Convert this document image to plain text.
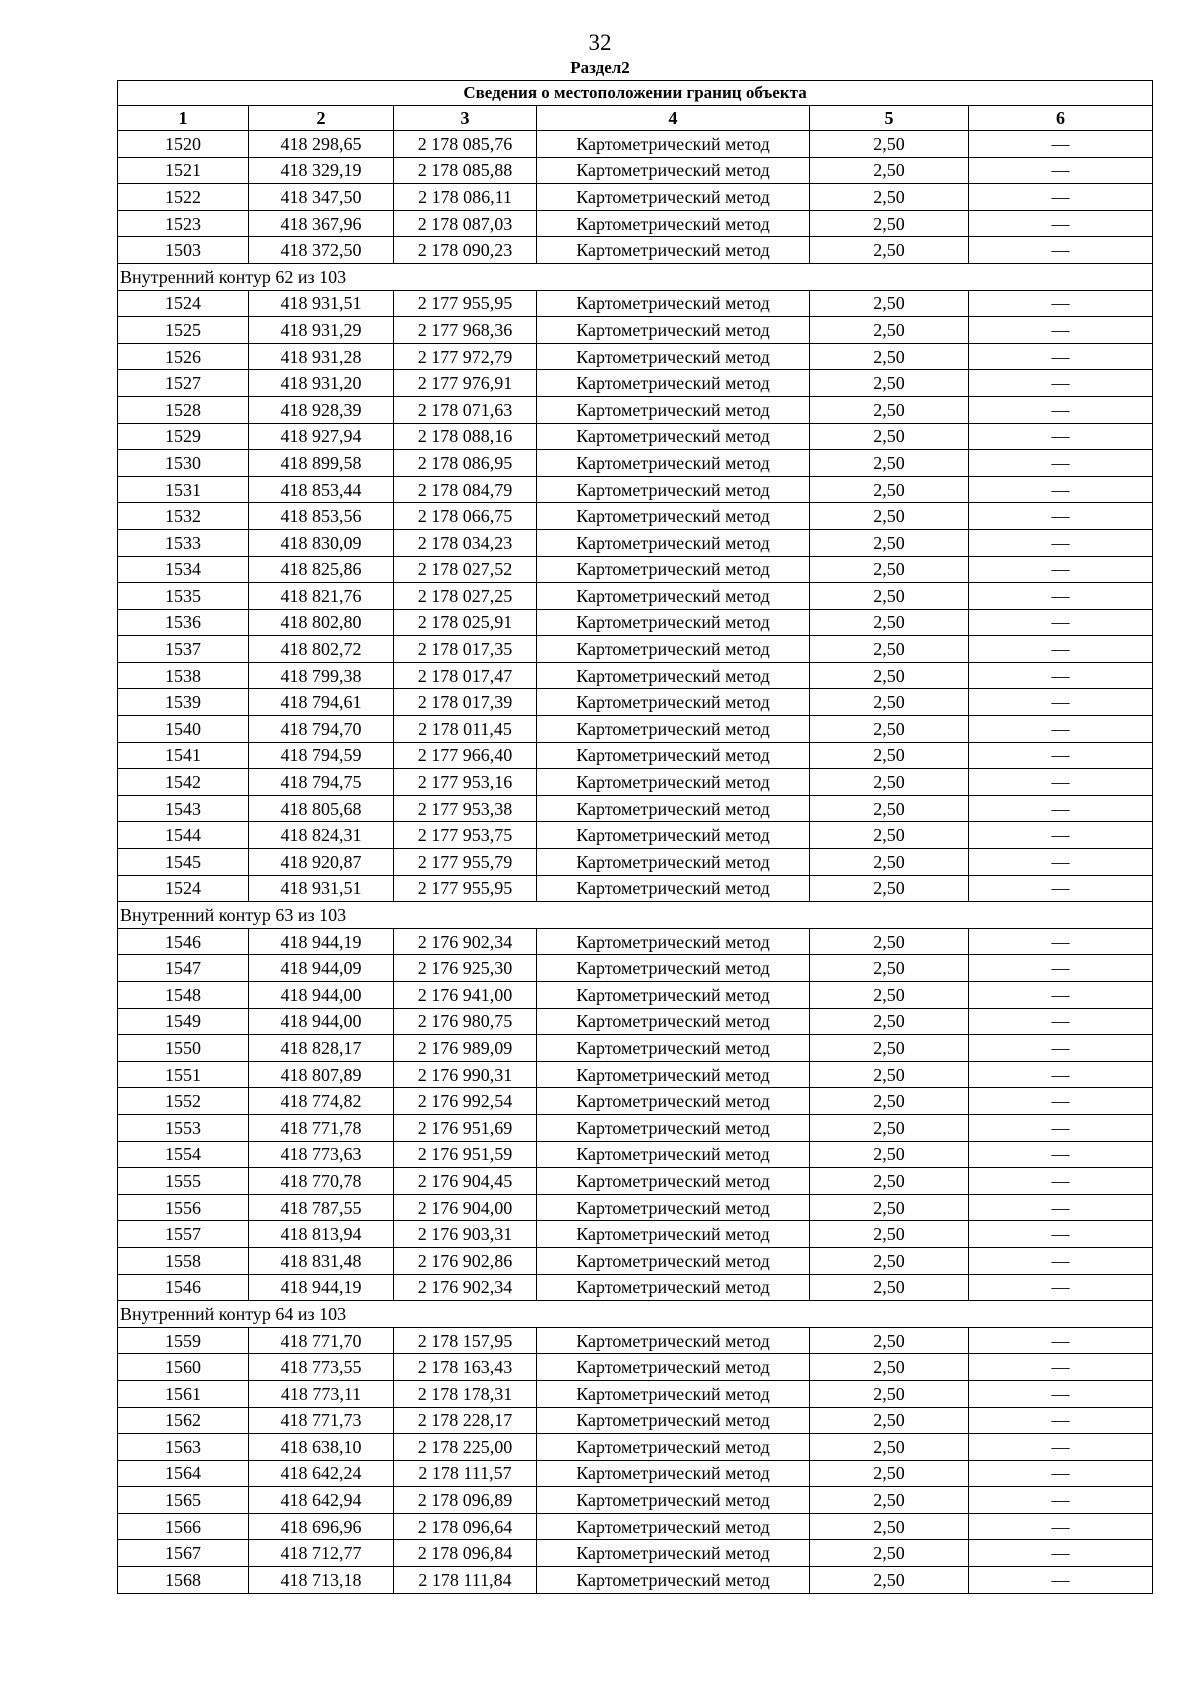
32
Раздел2
Сведения о местоположении границ объекта					
1	2	3	4	5	6
1520	418 298,65	2 178 085,76	Картометрический метод	2,50	—
1521	418 329,19	2 178 085,88	Картометрический метод	2,50	—
1522	418 347,50	2 178 086,11	Картометрический метод	2,50	—
1523	418 367,96	2 178 087,03	Картометрический метод	2,50	—
1503	418 372,50	2 178 090,23	Картометрический метод	2,50	—
Внутренний контур 62 из 103					
1524	418 931,51	2 177 955,95	Картометрический метод	2,50	—
1525	418 931,29	2 177 968,36	Картометрический метод	2,50	—
1526	418 931,28	2 177 972,79	Картометрический метод	2,50	—
1527	418 931,20	2 177 976,91	Картометрический метод	2,50	—
1528	418 928,39	2 178 071,63	Картометрический метод	2,50	—
1529	418 927,94	2 178 088,16	Картометрический метод	2,50	—
1530	418 899,58	2 178 086,95	Картометрический метод	2,50	—
1531	418 853,44	2 178 084,79	Картометрический метод	2,50	—
1532	418 853,56	2 178 066,75	Картометрический метод	2,50	—
1533	418 830,09	2 178 034,23	Картометрический метод	2,50	—
1534	418 825,86	2 178 027,52	Картометрический метод	2,50	—
1535	418 821,76	2 178 027,25	Картометрический метод	2,50	—
1536	418 802,80	2 178 025,91	Картометрический метод	2,50	—
1537	418 802,72	2 178 017,35	Картометрический метод	2,50	—
1538	418 799,38	2 178 017,47	Картометрический метод	2,50	—
1539	418 794,61	2 178 017,39	Картометрический метод	2,50	—
1540	418 794,70	2 178 011,45	Картометрический метод	2,50	—
1541	418 794,59	2 177 966,40	Картометрический метод	2,50	—
1542	418 794,75	2 177 953,16	Картометрический метод	2,50	—
1543	418 805,68	2 177 953,38	Картометрический метод	2,50	—
1544	418 824,31	2 177 953,75	Картометрический метод	2,50	—
1545	418 920,87	2 177 955,79	Картометрический метод	2,50	—
1524	418 931,51	2 177 955,95	Картометрический метод	2,50	—
Внутренний контур 63 из 103					
1546	418 944,19	2 176 902,34	Картометрический метод	2,50	—
1547	418 944,09	2 176 925,30	Картометрический метод	2,50	—
1548	418 944,00	2 176 941,00	Картометрический метод	2,50	—
1549	418 944,00	2 176 980,75	Картометрический метод	2,50	—
1550	418 828,17	2 176 989,09	Картометрический метод	2,50	—
1551	418 807,89	2 176 990,31	Картометрический метод	2,50	—
1552	418 774,82	2 176 992,54	Картометрический метод	2,50	—
1553	418 771,78	2 176 951,69	Картометрический метод	2,50	—
1554	418 773,63	2 176 951,59	Картометрический метод	2,50	—
1555	418 770,78	2 176 904,45	Картометрический метод	2,50	—
1556	418 787,55	2 176 904,00	Картометрический метод	2,50	—
1557	418 813,94	2 176 903,31	Картометрический метод	2,50	—
1558	418 831,48	2 176 902,86	Картометрический метод	2,50	—
1546	418 944,19	2 176 902,34	Картометрический метод	2,50	—
Внутренний контур 64 из 103					
1559	418 771,70	2 178 157,95	Картометрический метод	2,50	—
1560	418 773,55	2 178 163,43	Картометрический метод	2,50	—
1561	418 773,11	2 178 178,31	Картометрический метод	2,50	—
1562	418 771,73	2 178 228,17	Картометрический метод	2,50	—
1563	418 638,10	2 178 225,00	Картометрический метод	2,50	—
1564	418 642,24	2 178 111,57	Картометрический метод	2,50	—
1565	418 642,94	2 178 096,89	Картометрический метод	2,50	—
1566	418 696,96	2 178 096,64	Картометрический метод	2,50	—
1567	418 712,77	2 178 096,84	Картометрический метод	2,50	—
1568	418 713,18	2 178 111,84	Картометрический метод	2,50	—
